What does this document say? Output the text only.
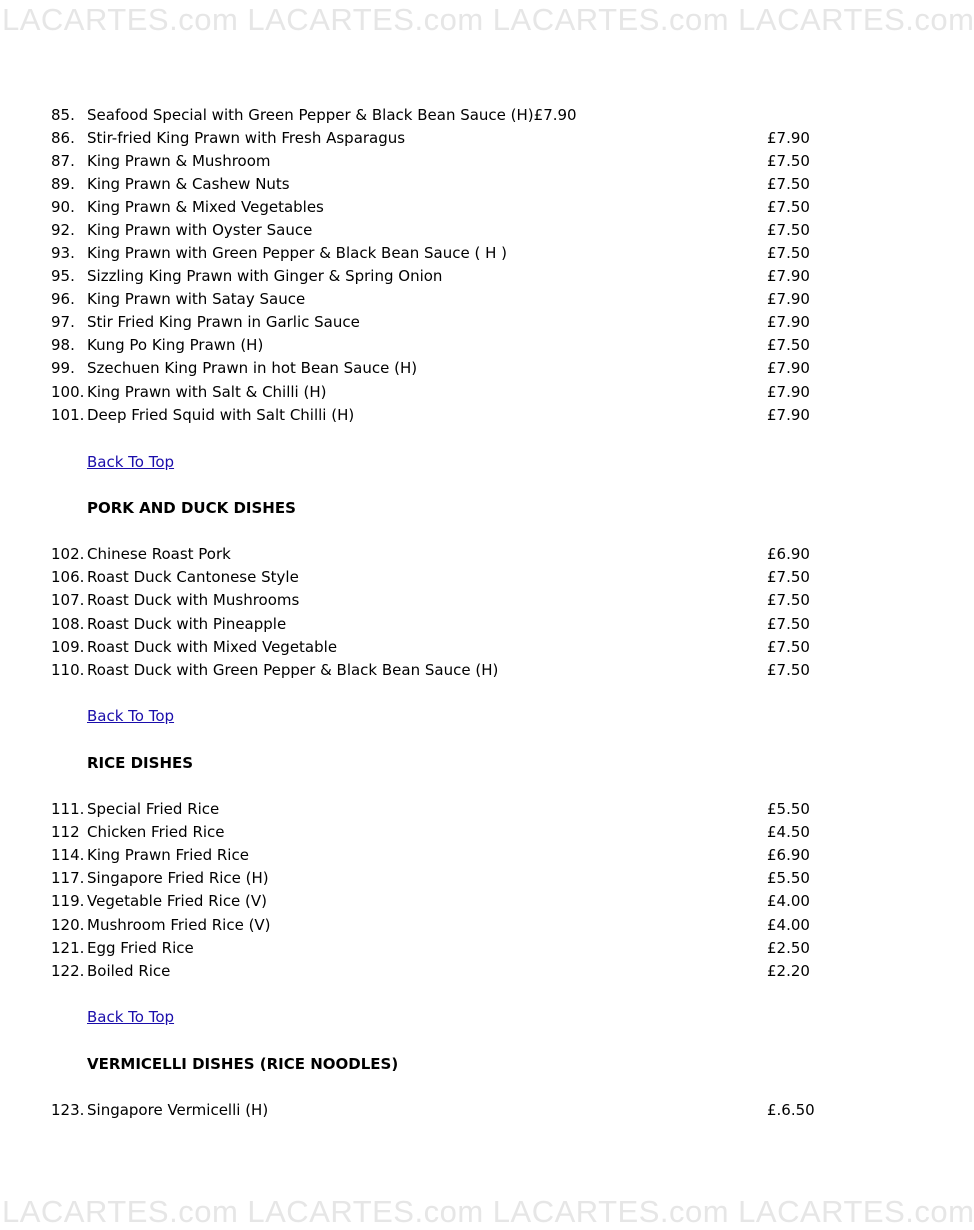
LACARTES.com LACARTES.com LACARTES.com LACARTES.com
85. Seafood Special with Green Pepper & Black Bean Sauce (H)£7.90
86. Stir-fried King Prawn with Fresh Asparagus	£7.90
87. King Prawn & Mushroom	£7.50
89. King Prawn & Cashew Nuts	£7.50
90. King Prawn & Mixed Vegetables	£7.50
92. King Prawn with Oyster Sauce	£7.50
93. King Prawn with Green Pepper & Black Bean Sauce ( H )	£7.50
95. Sizzling King Prawn with Ginger & Spring Onion	£7.90
96. King Prawn with Satay Sauce	£7.90
97. Stir Fried King Prawn in Garlic Sauce	£7.90
98. Kung Po King Prawn (H)	£7.50
99. Szechuen King Prawn in hot Bean Sauce (H)	£7.90
100. King Prawn with Salt & Chilli (H)	£7.90
101. Deep Fried Squid with Salt Chilli (H)	£7.90
Back To Top
PORK AND DUCK DISHES
102. Chinese Roast Pork	£6.90
106. Roast Duck Cantonese Style	£7.50
107. Roast Duck with Mushrooms	£7.50
108. Roast Duck with Pineapple	£7.50
109. Roast Duck with Mixed Vegetable	£7.50
110. Roast Duck with Green Pepper & Black Bean Sauce (H)	£7.50
Back To Top
RICE DISHES
111. Special Fried Rice	£5.50
112 Chicken Fried Rice	£4.50
114. King Prawn Fried Rice	£6.90
117. Singapore Fried Rice (H)	£5.50
119. Vegetable Fried Rice (V)	£4.00
120. Mushroom Fried Rice (V)	£4.00
121. Egg Fried Rice	£2.50
122. Boiled Rice	£2.20
Back To Top
VERMICELLI DISHES (RICE NOODLES)
123. Singapore Vermicelli (H)	£.6.50
LACARTES.com LACARTES.com LACARTES.com LACARTES.com
